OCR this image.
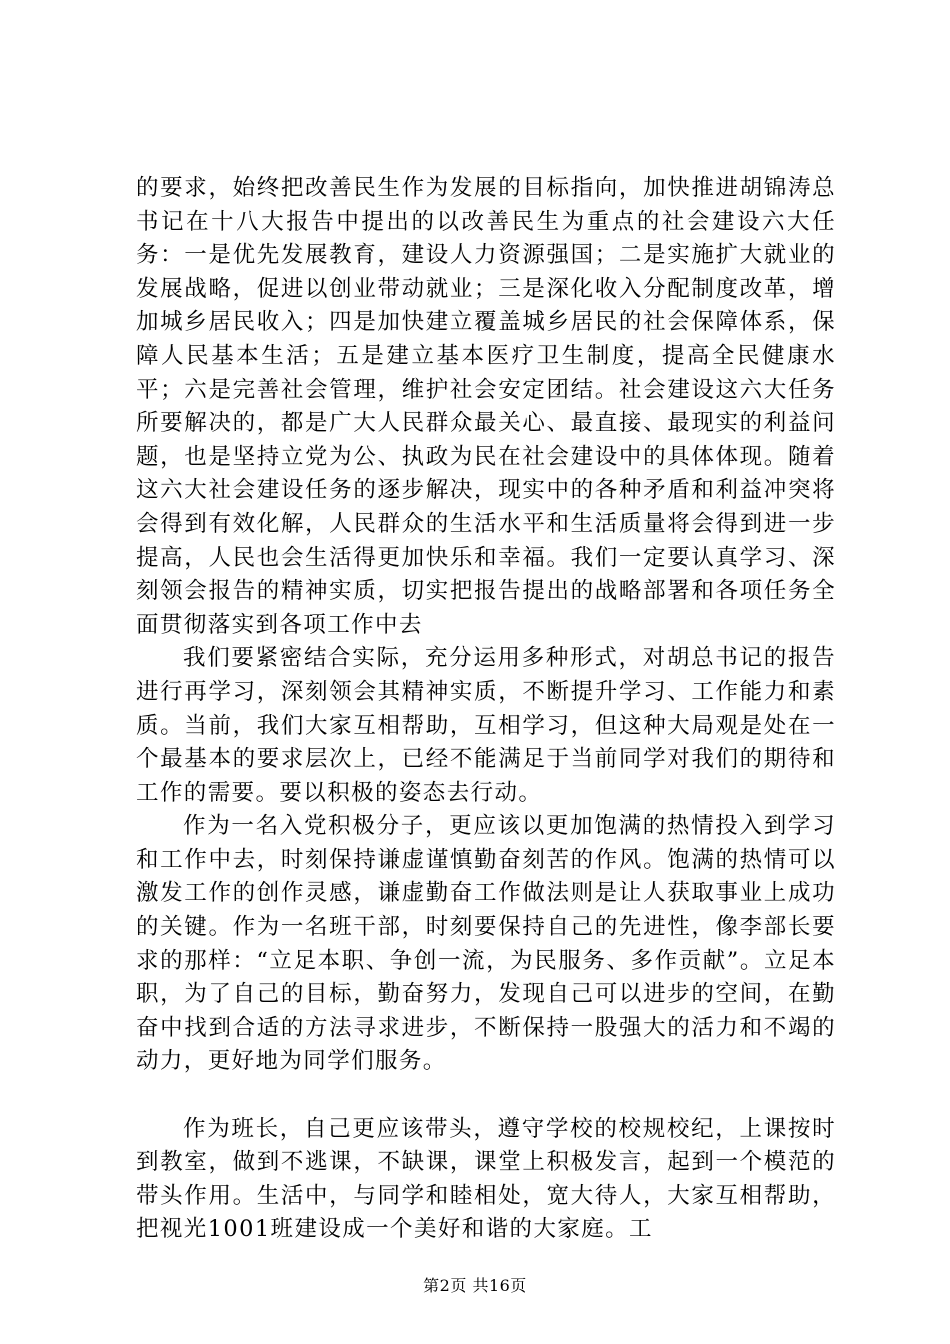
的要求，始终把改善民生作为发展的目标指向，加快推进胡锦涛总书记在十八大报告中提出的以改善民生为重点的社会建设六大任务：一是优先发展教育，建设人力资源强国；二是实施扩大就业的发展战略，促进以创业带动就业；三是深化收入分配制度改革，增加城乡居民收入；四是加快建立覆盖城乡居民的社会保障体系，保障人民基本生活；五是建立基本医疗卫生制度，提高全民健康水平；六是完善社会管理，维护社会安定团结。社会建设这六大任务所要解决的，都是广大人民群众最关心、最直接、最现实的利益问题，也是坚持立党为公、执政为民在社会建设中的具体体现。随着这六大社会建设任务的逐步解决，现实中的各种矛盾和利益冲突将会得到有效化解，人民群众的生活水平和生活质量将会得到进一步提高，人民也会生活得更加快乐和幸福。我们一定要认真学习、深刻领会报告的精神实质，切实把报告提出的战略部署和各项任务全面贯彻落实到各项工作中去

我们要紧密结合实际，充分运用多种形式，对胡总书记的报告进行再学习，深刻领会其精神实质，不断提升学习、工作能力和素质。当前，我们大家互相帮助，互相学习，但这种大局观是处在一个最基本的要求层次上，已经不能满足于当前同学对我们的期待和工作的需要。要以积极的姿态去行动。

作为一名入党积极分子，更应该以更加饱满的热情投入到学习和工作中去，时刻保持谦虚谨慎勤奋刻苦的作风。饱满的热情可以激发工作的创作灵感，谦虚勤奋工作做法则是让人获取事业上成功的关键。作为一名班干部，时刻要保持自己的先进性，像李部长要求的那样：“立足本职、争创一流，为民服务、多作贡献”。立足本职，为了自己的目标，勤奋努力，发现自己可以进步的空间，在勤奋中找到合适的方法寻求进步，不断保持一股强大的活力和不竭的动力，更好地为同学们服务。

作为班长，自己更应该带头，遵守学校的校规校纪，上课按时到教室，做到不逃课，不缺课，课堂上积极发言，起到一个模范的带头作用。生活中，与同学和睦相处，宽大待人，大家互相帮助，把视光1001班建设成一个美好和谐的大家庭。工

第2页 共16页
